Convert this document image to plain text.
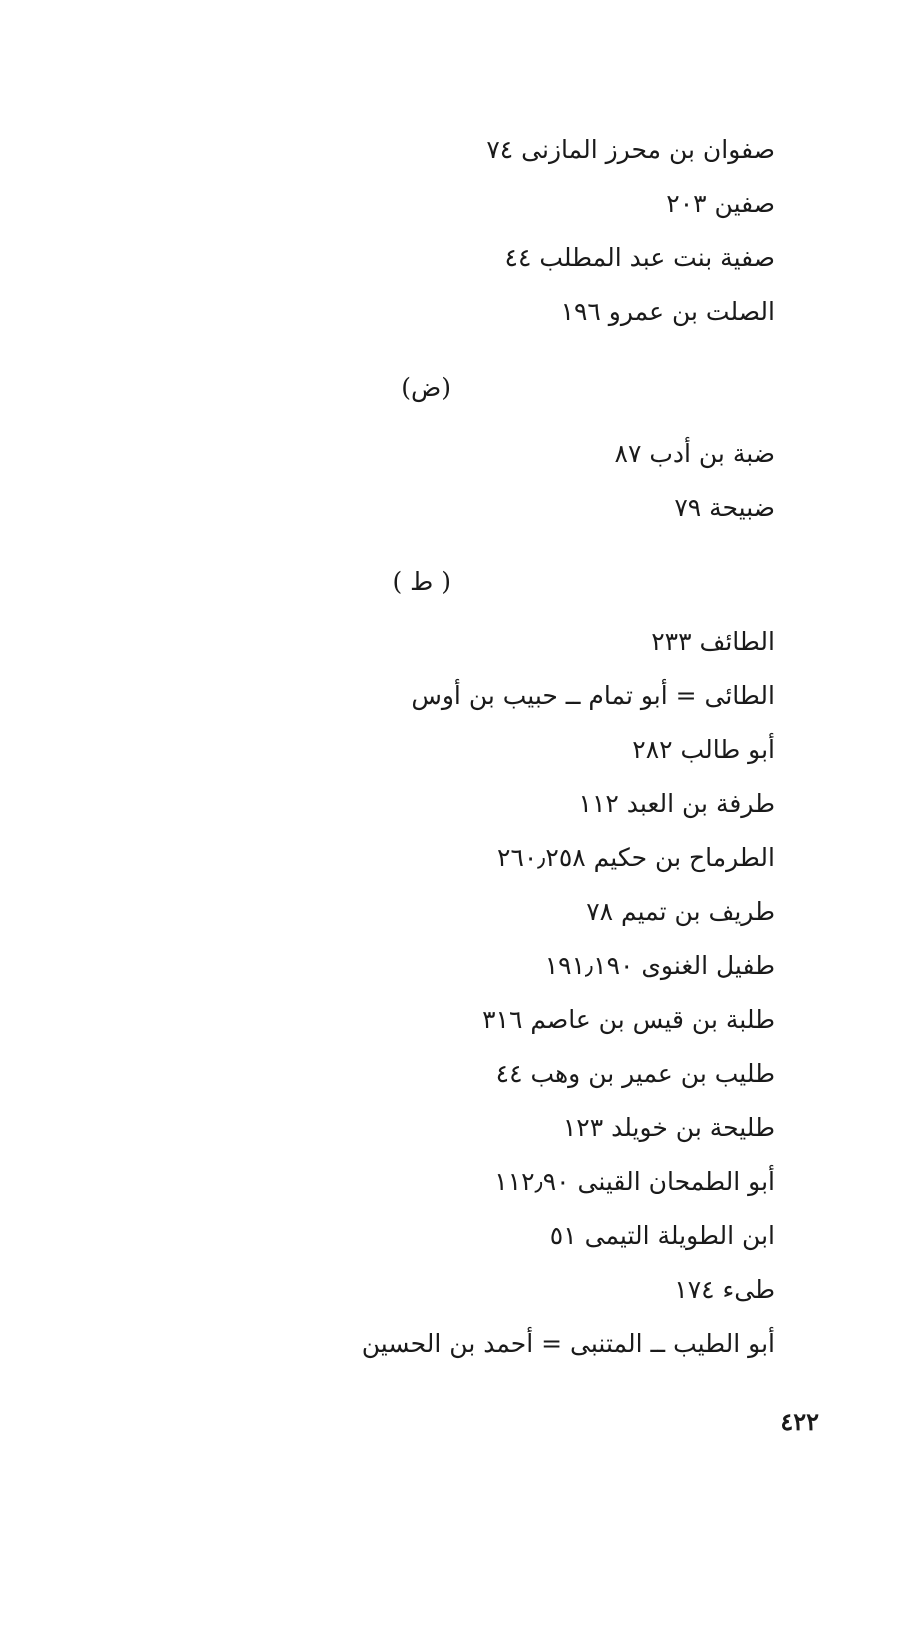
صفوان بن محرز المازنى ٧٤
صفين ٢٠٣
صفية بنت عبد المطلب ٤٤
الصلت بن عمرو ١٩٦
(ض)
ضبة بن أدب ٨٧
ضبيحة ٧٩
( ط )
الطائف ٢٣٣
الطائى = أبو تمام ــ حبيب بن أوس
أبو طالب ٢٨٢
طرفة بن العبد ١١٢
الطرماح بن حكيم ٢٦٠٫٢٥٨
طريف بن تميم ٧٨
طفيل الغنوى ١٩١٫١٩٠
طلبة بن قيس بن عاصم ٣١٦
طليب بن عمير بن وهب ٤٤
طليحة بن خويلد ١٢٣
أبو الطمحان القينى ١١٢٫٩٠
ابن الطويلة التيمى ٥١
طىء ١٧٤
أبو الطيب ــ المتنبى = أحمد بن الحسين
٤٢٢
